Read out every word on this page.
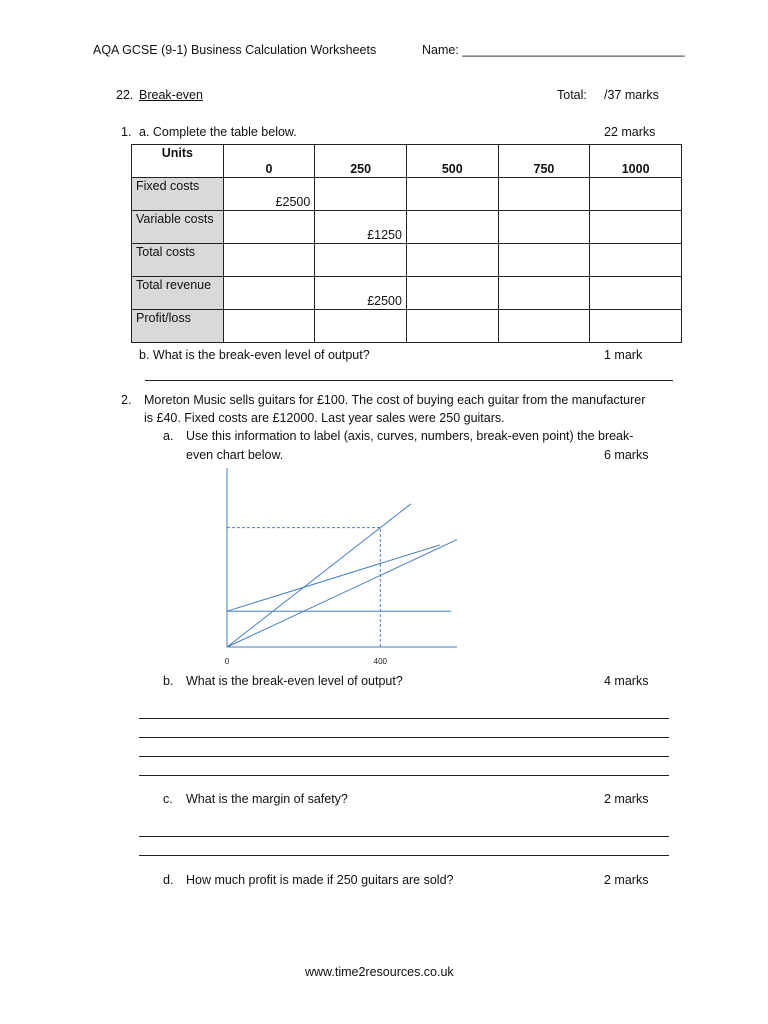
AQA GCSE (9-1) Business Calculation Worksheets	Name: ________________________________
22. Break-even	Total: /37 marks
1. a. Complete the table below.	22 marks
Units	0	250	500	750	1000
Fixed costs	£2500				
Variable costs		£1250			
Total costs					
Total revenue		£2500			
Profit/loss					
b. What is the break-even level of output?	1 mark
2. Moreton Music sells guitars for £100. The cost of buying each guitar from the manufacturer
is £40. Fixed costs are £12000. Last year sales were 250 guitars.
a. Use this information to label (axis, curves, numbers, break-even point) the break-
even chart below.	6 marks
0	400
b. What is the break-even level of output?	4 marks
c. What is the margin of safety?	2 marks
d. How much profit is made if 250 guitars are sold?	2 marks
www.time2resources.co.uk
